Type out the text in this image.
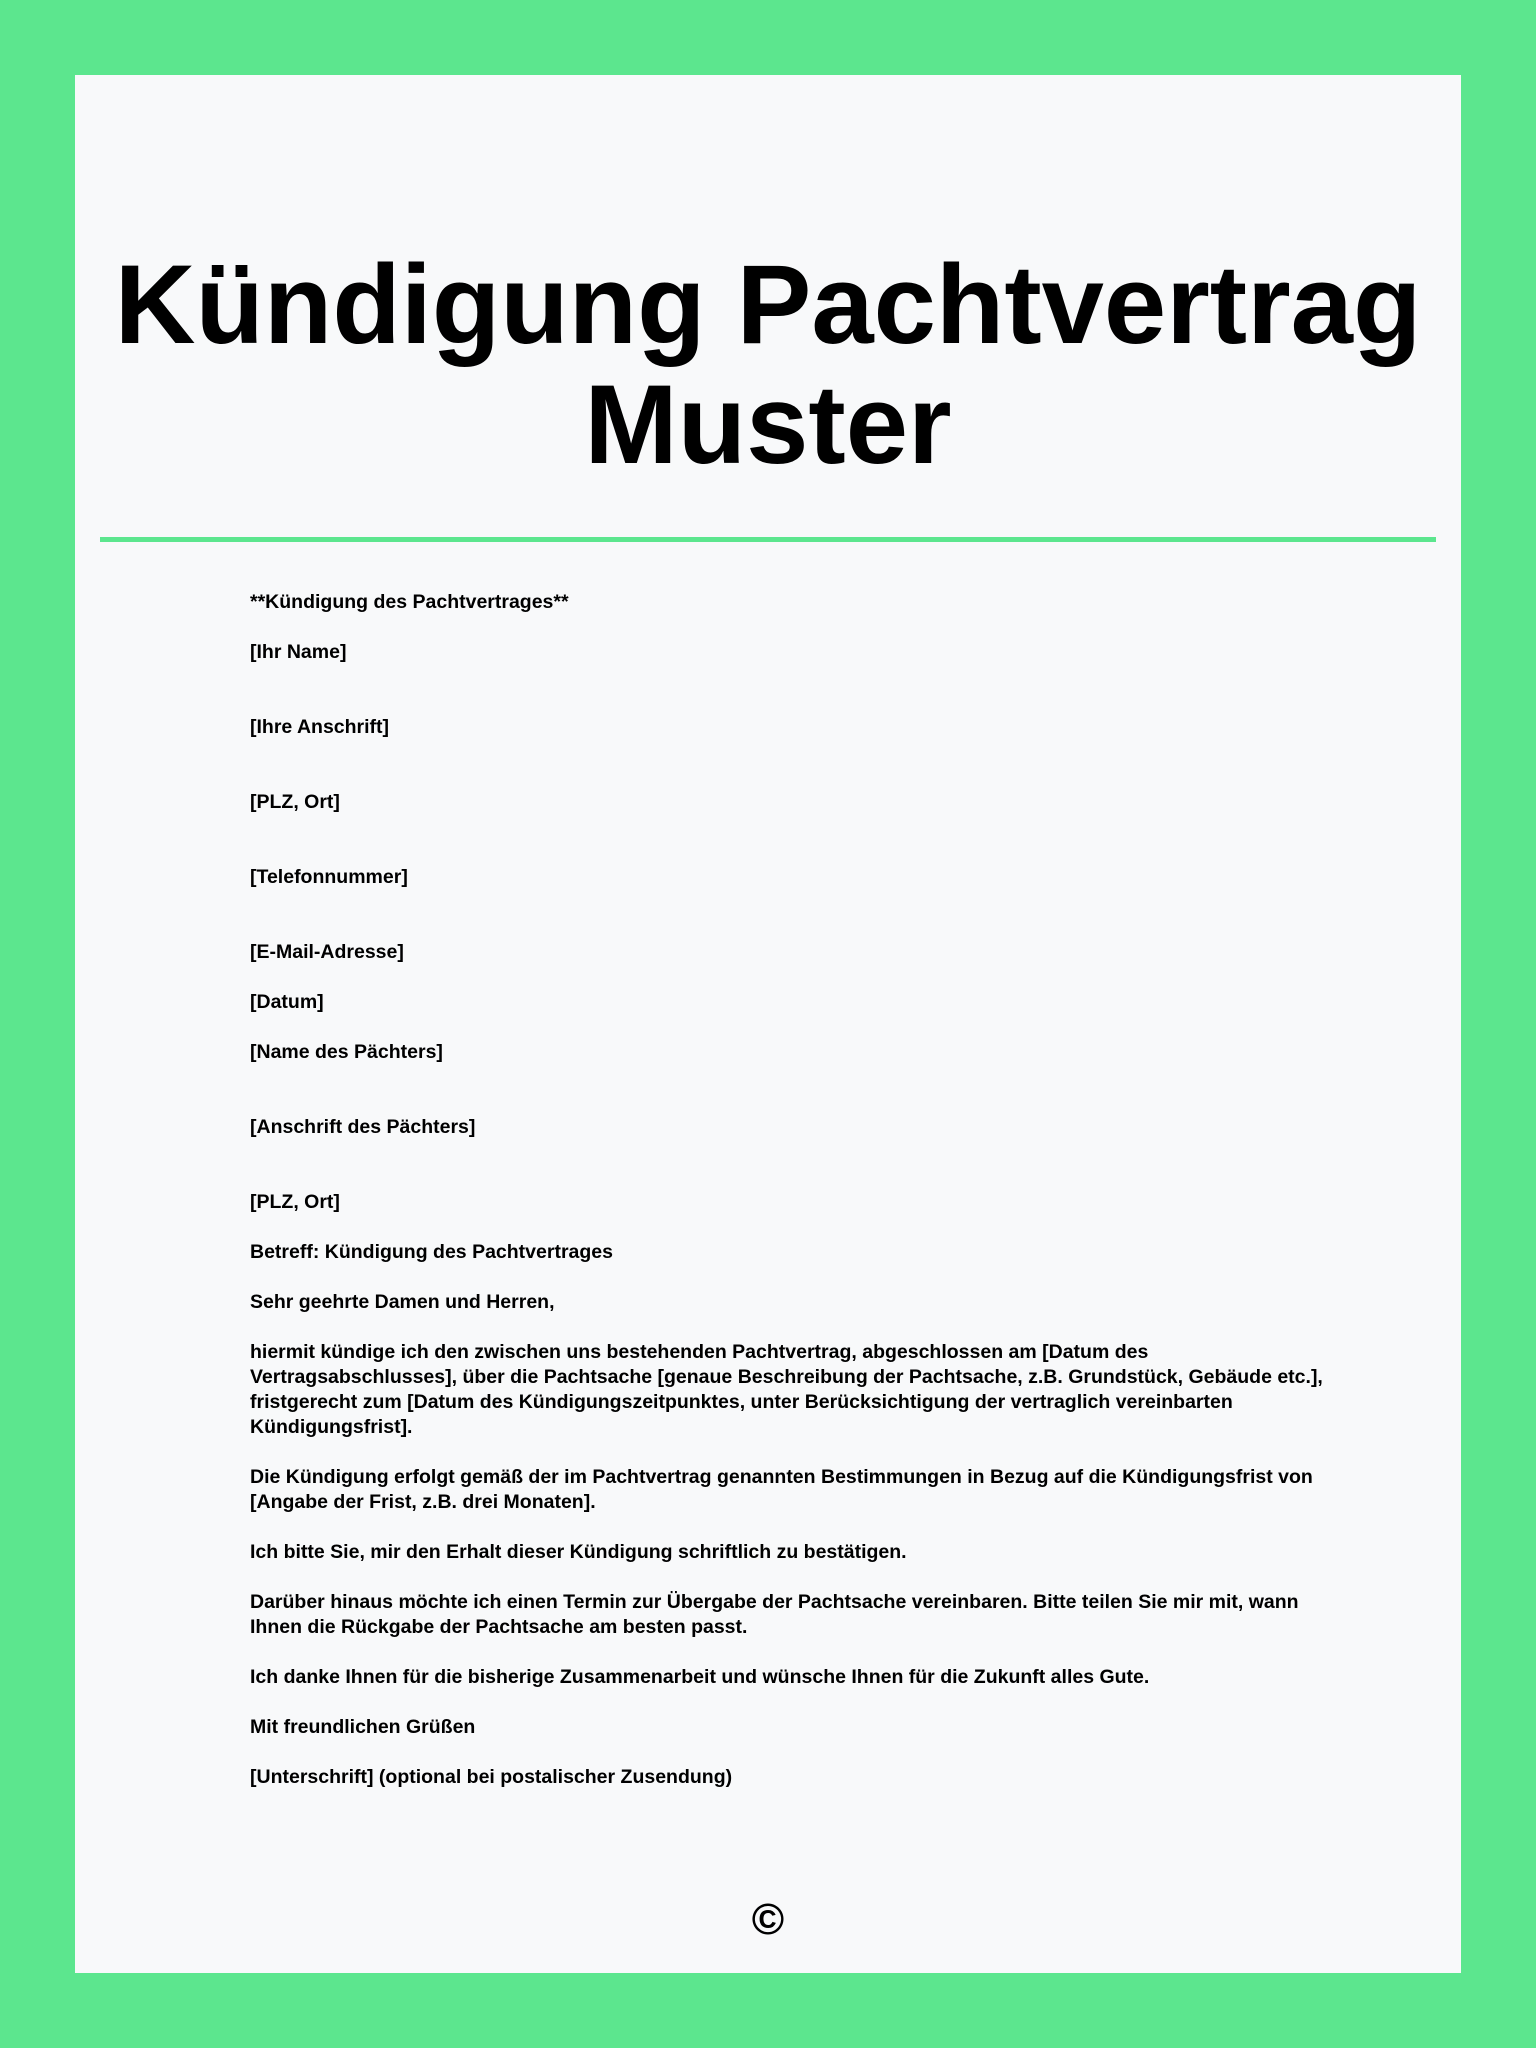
Kündigung Pachtvertrag
Muster

**Kündigung des Pachtvertrages**

[Ihr Name]

[Ihre Anschrift]

[PLZ, Ort]

[Telefonnummer]

[E-Mail-Adresse]

[Datum]

[Name des Pächters]

[Anschrift des Pächters]

[PLZ, Ort]

Betreff: Kündigung des Pachtvertrages

Sehr geehrte Damen und Herren,

hiermit kündige ich den zwischen uns bestehenden Pachtvertrag, abgeschlossen am [Datum des Vertragsabschlusses], über die Pachtsache [genaue Beschreibung der Pachtsache, z.B. Grundstück, Gebäude etc.], fristgerecht zum [Datum des Kündigungszeitpunktes, unter Berücksichtigung der vertraglich vereinbarten Kündigungsfrist].

Die Kündigung erfolgt gemäß der im Pachtvertrag genannten Bestimmungen in Bezug auf die Kündigungsfrist von [Angabe der Frist, z.B. drei Monaten].

Ich bitte Sie, mir den Erhalt dieser Kündigung schriftlich zu bestätigen.

Darüber hinaus möchte ich einen Termin zur Übergabe der Pachtsache vereinbaren. Bitte teilen Sie mir mit, wann Ihnen die Rückgabe der Pachtsache am besten passt.

Ich danke Ihnen für die bisherige Zusammenarbeit und wünsche Ihnen für die Zukunft alles Gute.

Mit freundlichen Grüßen

[Unterschrift] (optional bei postalischer Zusendung)

©
